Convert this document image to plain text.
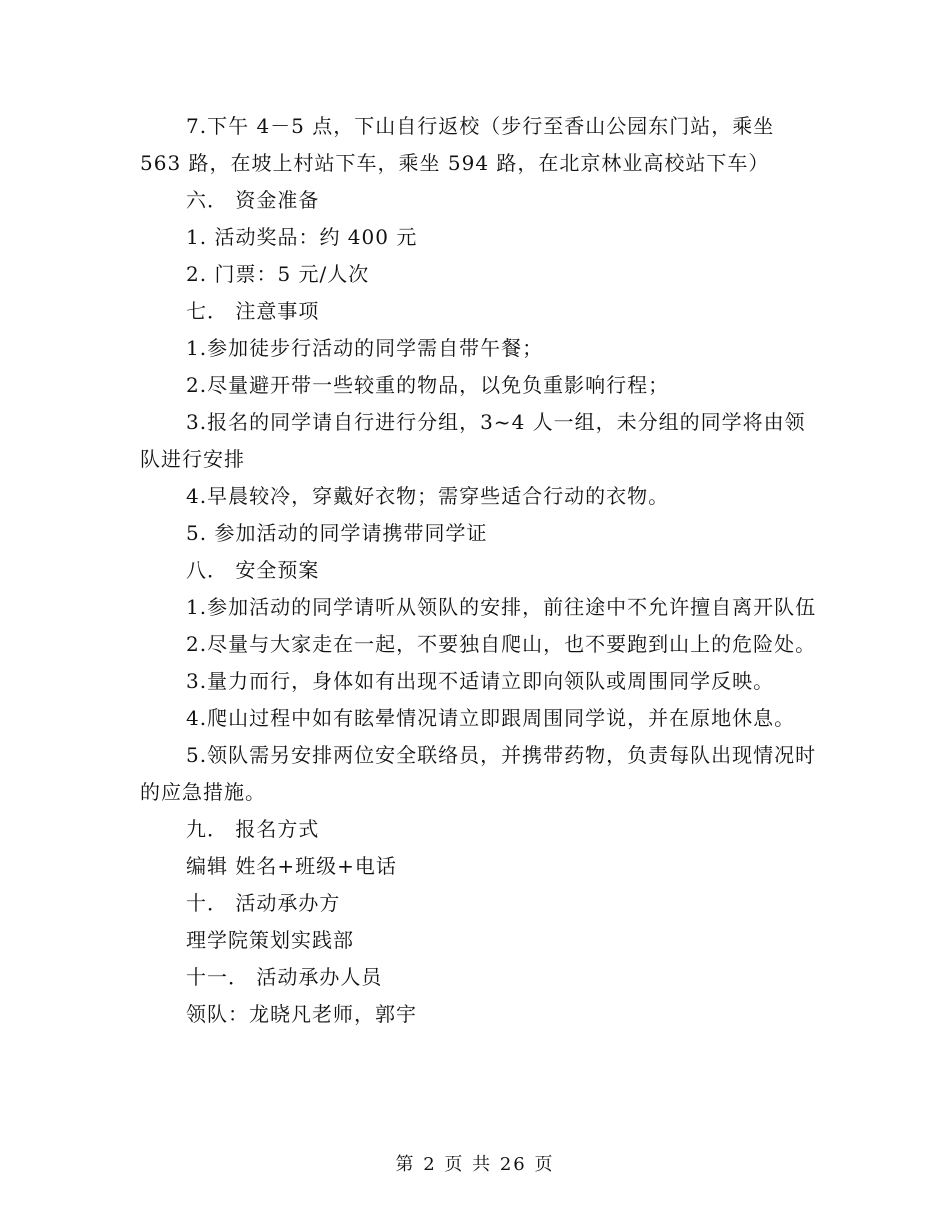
7.下午 4－5 点，下山自行返校（步行至香山公园东门站，乘坐 563 路，在坡上村站下车，乘坐 594 路，在北京林业高校站下车）

六． 资金准备

1. 活动奖品：约 400 元

2. 门票：5 元/人次

七． 注意事项

1.参加徒步行活动的同学需自带午餐；

2.尽量避开带一些较重的物品，以免负重影响行程；

3.报名的同学请自行进行分组，3~4 人一组，未分组的同学将由领队进行安排

4.早晨较冷，穿戴好衣物；需穿些适合行动的衣物。

5. 参加活动的同学请携带同学证

八． 安全预案

1.参加活动的同学请听从领队的安排，前往途中不允许擅自离开队伍

2.尽量与大家走在一起，不要独自爬山，也不要跑到山上的危险处。

3.量力而行，身体如有出现不适请立即向领队或周围同学反映。

4.爬山过程中如有眩晕情况请立即跟周围同学说，并在原地休息。

5.领队需另安排两位安全联络员，并携带药物，负责每队出现情况时的应急措施。

九． 报名方式

编辑 姓名+班级+电话

十． 活动承办方

理学院策划实践部

十一． 活动承办人员

领队：龙晓凡老师，郭宇

第 2 页 共 26 页
